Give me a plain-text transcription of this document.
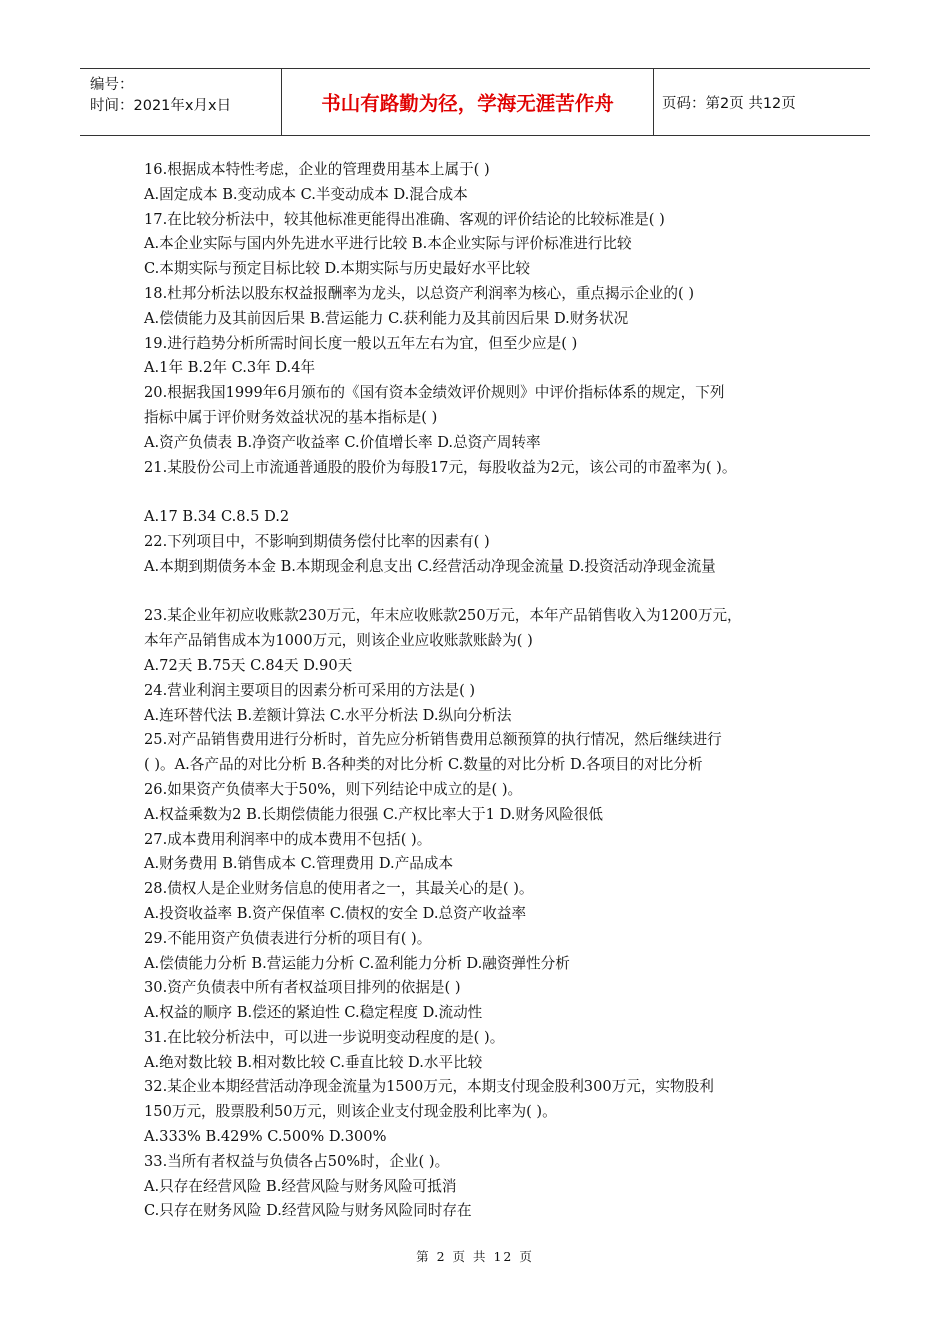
编号：
时间：2021年x月x日	书山有路勤为径，学海无涯苦作舟	页码：第2页 共12页
16.根据成本特性考虑，企业的管理费用基本上属于( )
A.固定成本 B.变动成本 C.半变动成本 D.混合成本
17.在比较分析法中，较其他标准更能得出准确、客观的评价结论的比较标准是( )
A.本企业实际与国内外先进水平进行比较 B.本企业实际与评价标准进行比较
C.本期实际与预定目标比较 D.本期实际与历史最好水平比较
18.杜邦分析法以股东权益报酬率为龙头，以总资产利润率为核心，重点揭示企业的( )
A.偿债能力及其前因后果 B.营运能力 C.获利能力及其前因后果 D.财务状况
19.进行趋势分析所需时间长度一般以五年左右为宜，但至少应是( )
A.1年 B.2年 C.3年 D.4年
20.根据我国1999年6月颁布的《国有资本金绩效评价规则》中评价指标体系的规定，下列
指标中属于评价财务效益状况的基本指标是( )
A.资产负债表 B.净资产收益率 C.价值增长率 D.总资产周转率
21.某股份公司上市流通普通股的股价为每股17元，每股收益为2元，该公司的市盈率为( )。
A.17 B.34 C.8.5 D.2
22.下列项目中，不影响到期债务偿付比率的因素有( )
A.本期到期债务本金 B.本期现金利息支出 C.经营活动净现金流量 D.投资活动净现金流量
23.某企业年初应收账款230万元，年末应收账款250万元，本年产品销售收入为1200万元，
本年产品销售成本为1000万元，则该企业应收账款账龄为( )
A.72天 B.75天 C.84天 D.90天
24.营业利润主要项目的因素分析可采用的方法是( )
A.连环替代法 B.差额计算法 C.水平分析法 D.纵向分析法
25.对产品销售费用进行分析时，首先应分析销售费用总额预算的执行情况，然后继续进行
( )。A.各产品的对比分析 B.各种类的对比分析 C.数量的对比分析 D.各项目的对比分析
26.如果资产负债率大于50%，则下列结论中成立的是( )。
A.权益乘数为2 B.长期偿债能力很强 C.产权比率大于1 D.财务风险很低
27.成本费用利润率中的成本费用不包括( )。
A.财务费用 B.销售成本 C.管理费用 D.产品成本
28.债权人是企业财务信息的使用者之一，其最关心的是( )。
A.投资收益率 B.资产保值率 C.债权的安全 D.总资产收益率
29.不能用资产负债表进行分析的项目有( )。
A.偿债能力分析 B.营运能力分析 C.盈利能力分析 D.融资弹性分析
30.资产负债表中所有者权益项目排列的依据是( )
A.权益的顺序 B.偿还的紧迫性 C.稳定程度 D.流动性
31.在比较分析法中，可以进一步说明变动程度的是( )。
A.绝对数比较 B.相对数比较 C.垂直比较 D.水平比较
32.某企业本期经营活动净现金流量为1500万元，本期支付现金股利300万元，实物股利
150万元，股票股利50万元，则该企业支付现金股利比率为( )。
A.333% B.429% C.500% D.300%
33.当所有者权益与负债各占50%时，企业( )。
A.只存在经营风险 B.经营风险与财务风险可抵消
C.只存在财务风险 D.经营风险与财务风险同时存在
第 2 页 共 12 页
